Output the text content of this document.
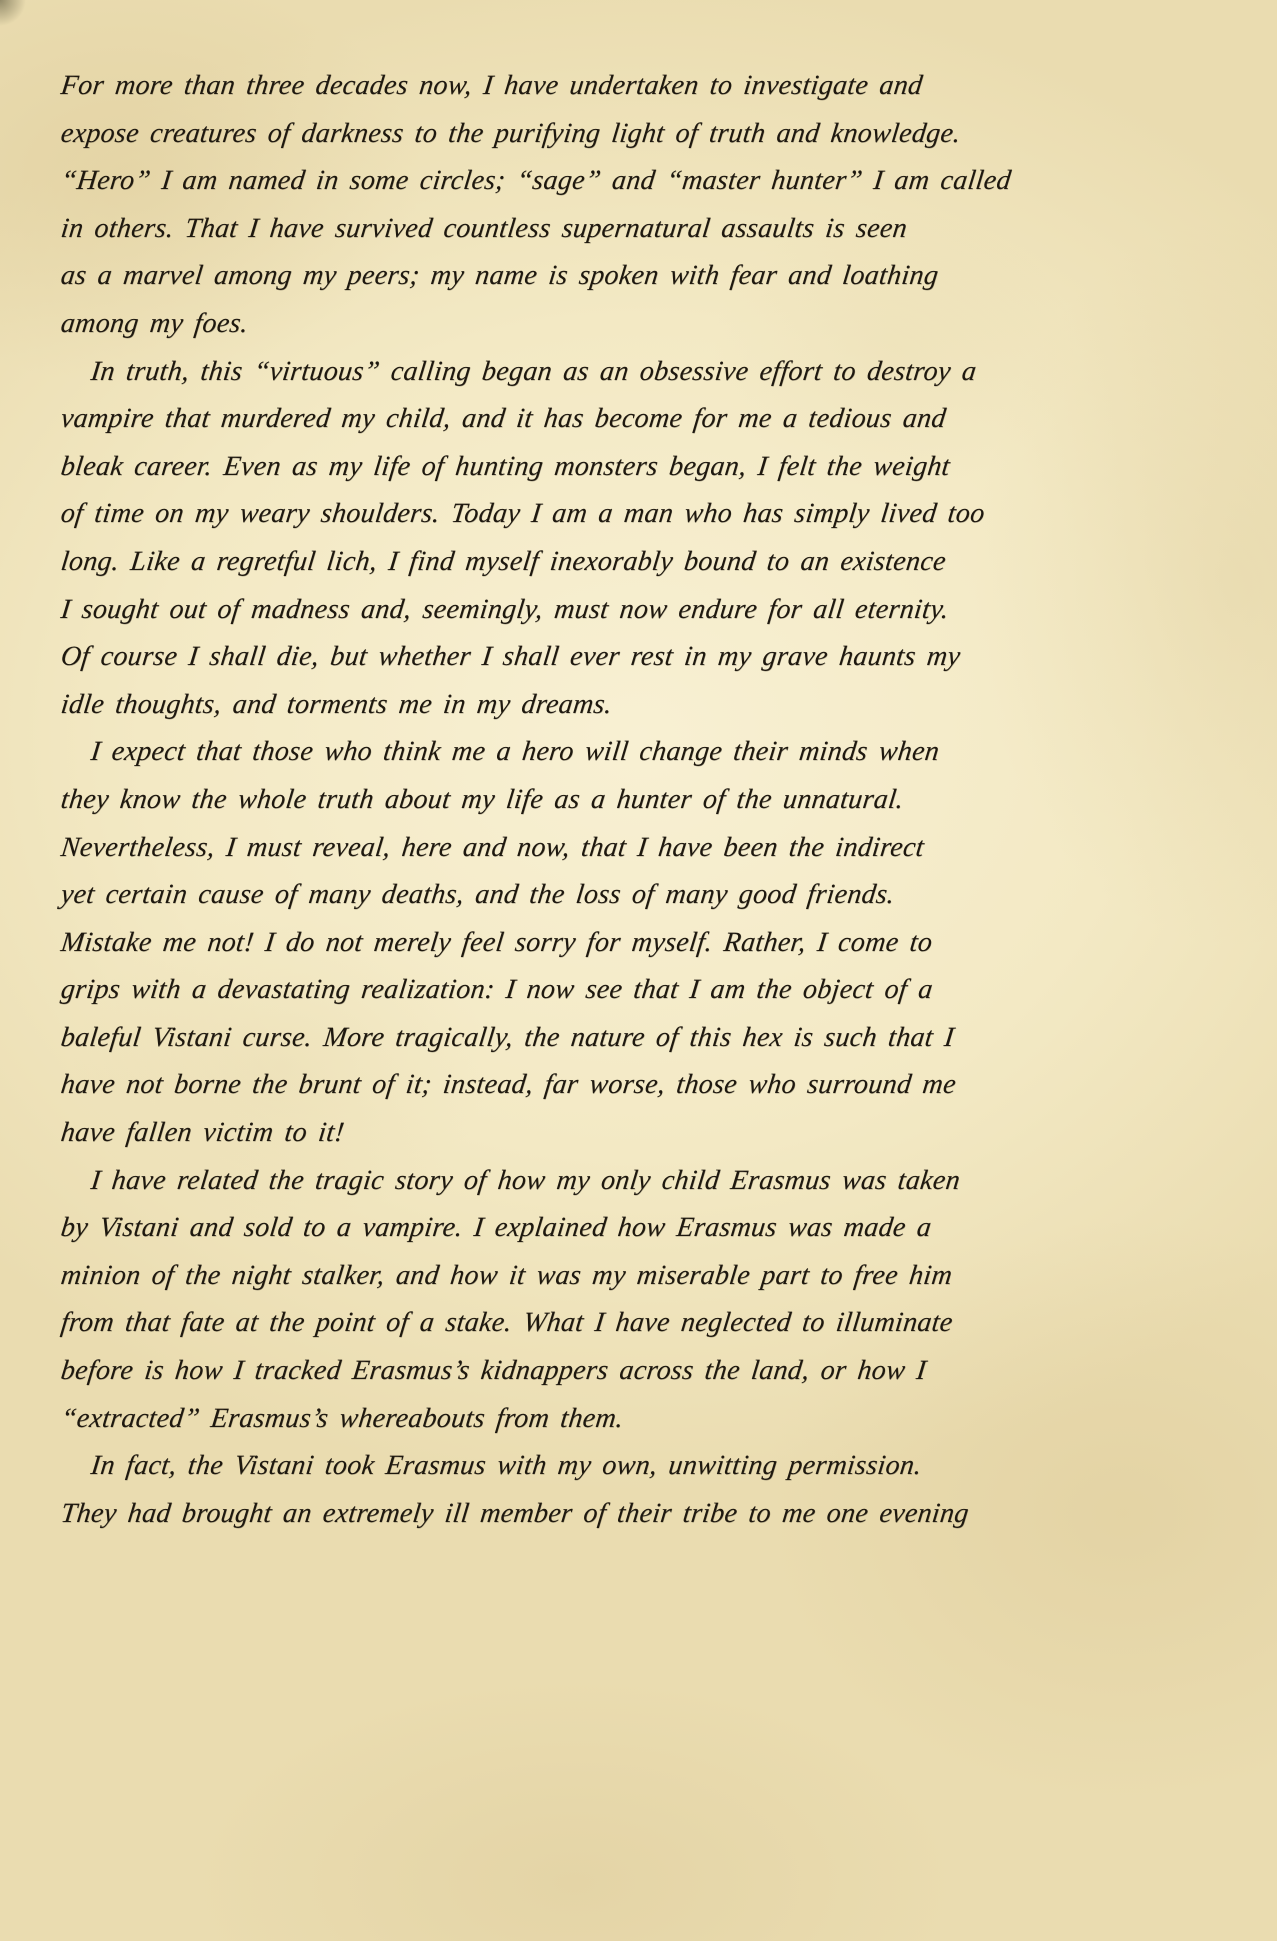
For more than three decades now, I have undertaken to investigate and
expose creatures of darkness to the purifying light of truth and knowledge.
“Hero” I am named in some circles; “sage” and “master hunter” I am called
in others. That I have survived countless supernatural assaults is seen
as a marvel among my peers; my name is spoken with fear and loathing
among my foes.
In truth, this “virtuous” calling began as an obsessive effort to destroy a
vampire that murdered my child, and it has become for me a tedious and
bleak career. Even as my life of hunting monsters began, I felt the weight
of time on my weary shoulders. Today I am a man who has simply lived too
long. Like a regretful lich, I find myself inexorably bound to an existence
I sought out of madness and, seemingly, must now endure for all eternity.
Of course I shall die, but whether I shall ever rest in my grave haunts my
idle thoughts, and torments me in my dreams.
I expect that those who think me a hero will change their minds when
they know the whole truth about my life as a hunter of the unnatural.
Nevertheless, I must reveal, here and now, that I have been the indirect
yet certain cause of many deaths, and the loss of many good friends.
Mistake me not! I do not merely feel sorry for myself. Rather, I come to
grips with a devastating realization: I now see that I am the object of a
baleful Vistani curse. More tragically, the nature of this hex is such that I
have not borne the brunt of it; instead, far worse, those who surround me
have fallen victim to it!
I have related the tragic story of how my only child Erasmus was taken
by Vistani and sold to a vampire. I explained how Erasmus was made a
minion of the night stalker, and how it was my miserable part to free him
from that fate at the point of a stake. What I have neglected to illuminate
before is how I tracked Erasmus’s kidnappers across the land, or how I
“extracted” Erasmus’s whereabouts from them.
In fact, the Vistani took Erasmus with my own, unwitting permission.
They had brought an extremely ill member of their tribe to me one evening
